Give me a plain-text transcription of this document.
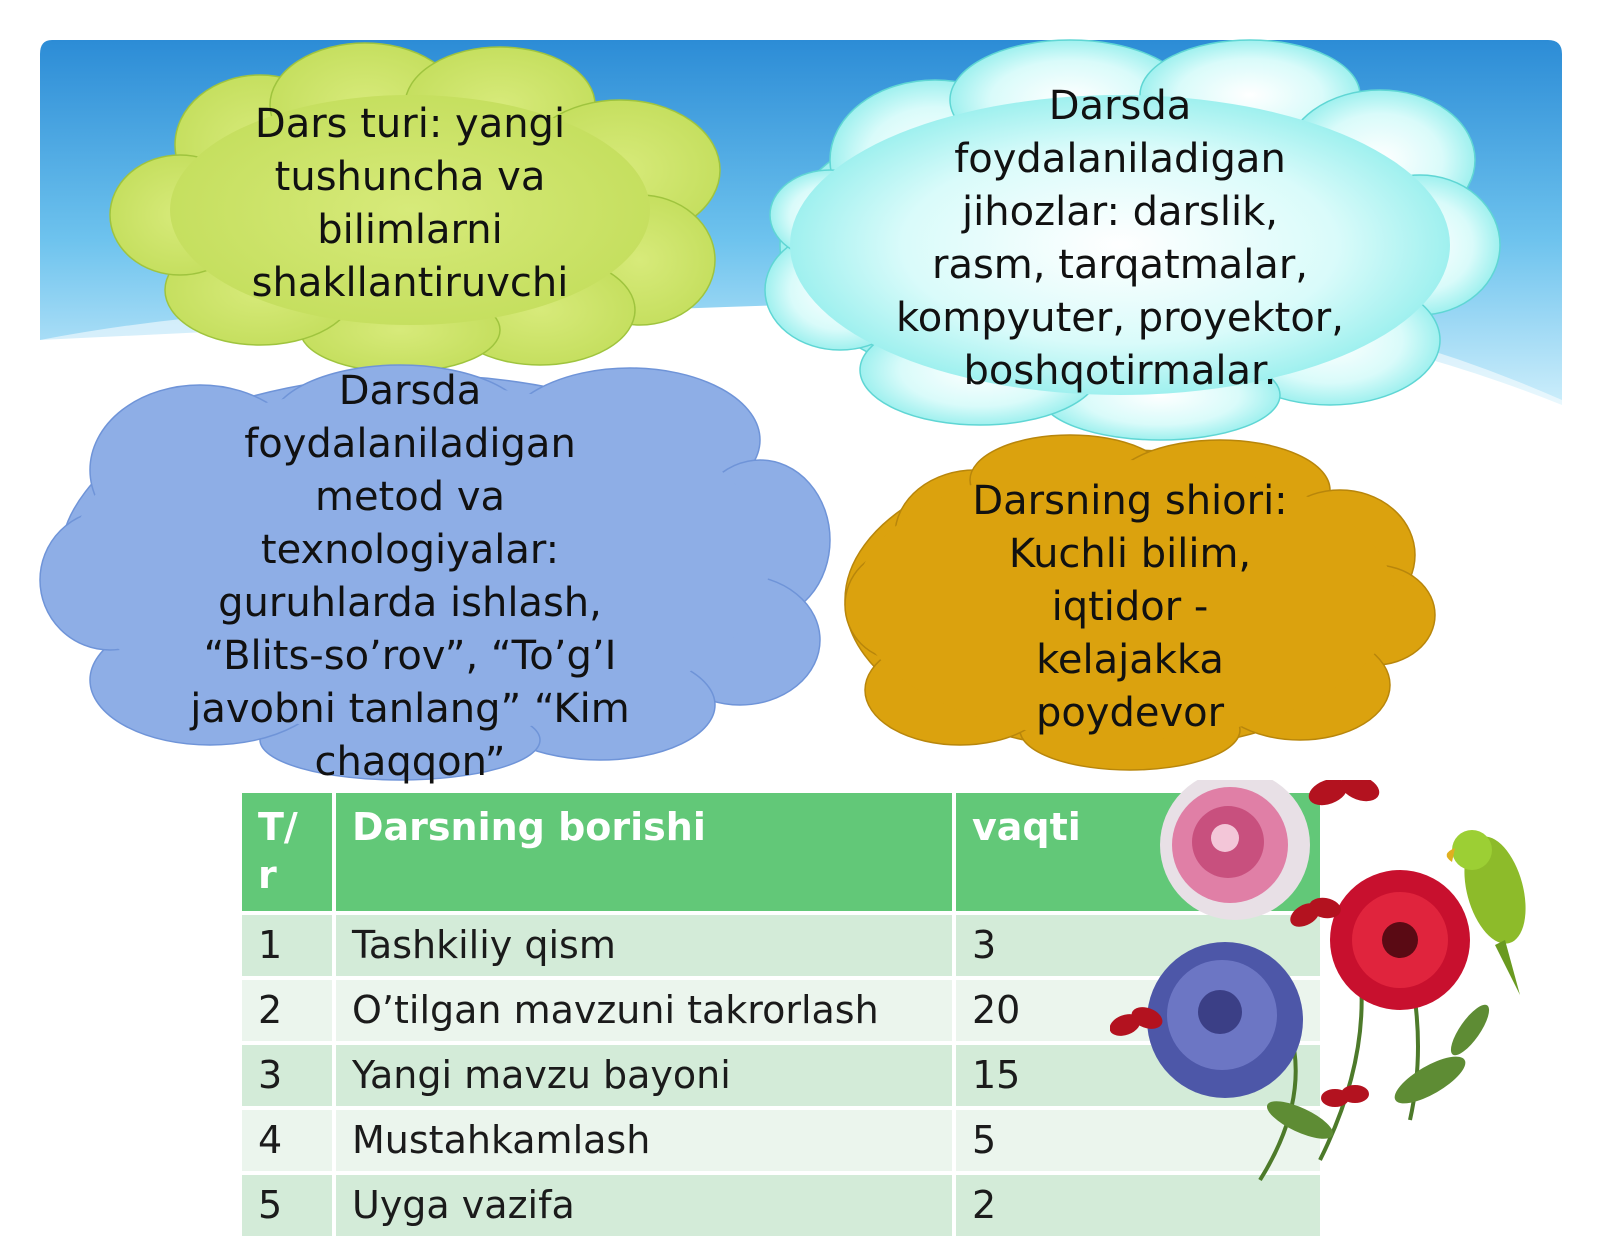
Dars turi: yangi
tushuncha va
bilimlarni
shakllantiruvchi
Darsda
foydalaniladigan
jihozlar: darslik,
rasm, tarqatmalar,
kompyuter, proyektor,
boshqotirmalar.
Darsda
foydalaniladigan
metod va
texnologiyalar:
guruhlarda ishlash,
“Blits-so’rov”, “To’g’I
javobni tanlang” “Kim
chaqqon”
Darsning shiori:
Kuchli bilim,
iqtidor -
kelajakka
poydevor
T/
r	Darsning borishi	vaqti
1	Tashkiliy qism	3
2	O’tilgan mavzuni takrorlash	20
3	Yangi mavzu bayoni	15
4	Mustahkamlash	5
5	Uyga vazifa	2
